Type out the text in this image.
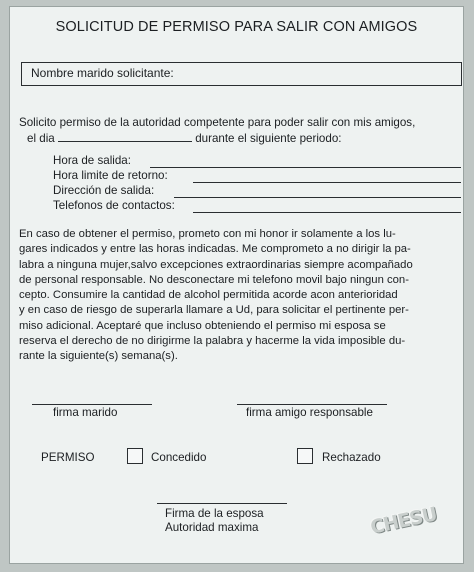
SOLICITUD DE PERMISO PARA SALIR CON AMIGOS
Nombre marido solicitante:

Solicito permiso de la autoridad competente para poder salir con mis amigos,
el dia	durante el siguiente periodo:

Hora de salida:
Hora limite de retorno:
Dirección de salida:
Telefonos de contactos:
En caso de obtener el permiso, prometo con mi honor ir solamente a los lu-
gares indicados y entre las horas indicadas. Me comprometo a no dirigir la pa-
labra a ninguna mujer,salvo excepciones extraordinarias siempre acompañado
de personal responsable. No desconectare mi telefono movil bajo ningun con-
cepto. Consumire la cantidad de alcohol permitida acorde acon anterioridad
y en caso de riesgo de superarla llamare a Ud, para solicitar el pertinente per-
miso adicional. Aceptaré que incluso obteniendo el permiso mi esposa se
reserva el derecho de no dirigirme la palabra y hacerme la vida imposible du-
rante la siguiente(s) semana(s).
firma marido	firma amigo responsable
PERMISO	Concedido	Rechazado
Firma de la esposa
Autoridad maxima	CHESU
